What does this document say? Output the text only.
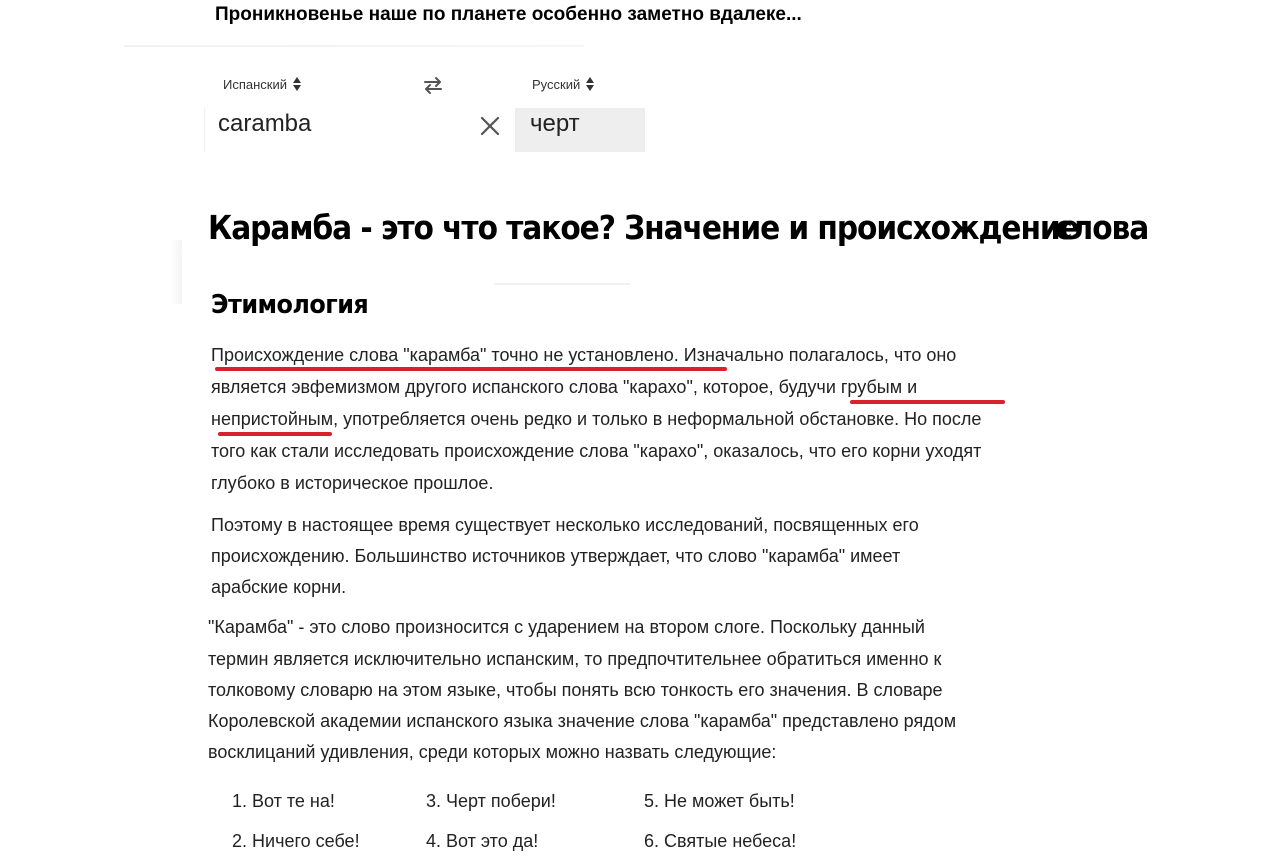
Проникновенье наше по планете особенно заметно вдалеке...
Испанский	Русский
caramba	черт
Карамба - это что такое? Значение и происхождение
слова
Этимология
Происхождение слова "карамба" точно не установлено. Изначально полагалось, что оно
является эвфемизмом другого испанского слова "карахо", которое, будучи грубым и
непристойным, употребляется очень редко и только в неформальной обстановке. Но после
того как стали исследовать происхождение слова "карахо", оказалось, что его корни уходят
глубоко в историческое прошлое.
Поэтому в настоящее время существует несколько исследований, посвященных его
происхождению. Большинство источников утверждает, что слово "карамба" имеет
арабские корни.
"Карамба" - это слово произносится с ударением на втором слоге. Поскольку данный
термин является исключительно испанским, то предпочтительнее обратиться именно к
толковому словарю на этом языке, чтобы понять всю тонкость его значения. В словаре
Королевской академии испанского языка значение слова "карамба" представлено рядом
восклицаний удивления, среди которых можно назвать следующие:
1. Вот те на!
2. Ничего себе!
3. Черт побери!
4. Вот это да!
5. Не может быть!
6. Святые небеса!
